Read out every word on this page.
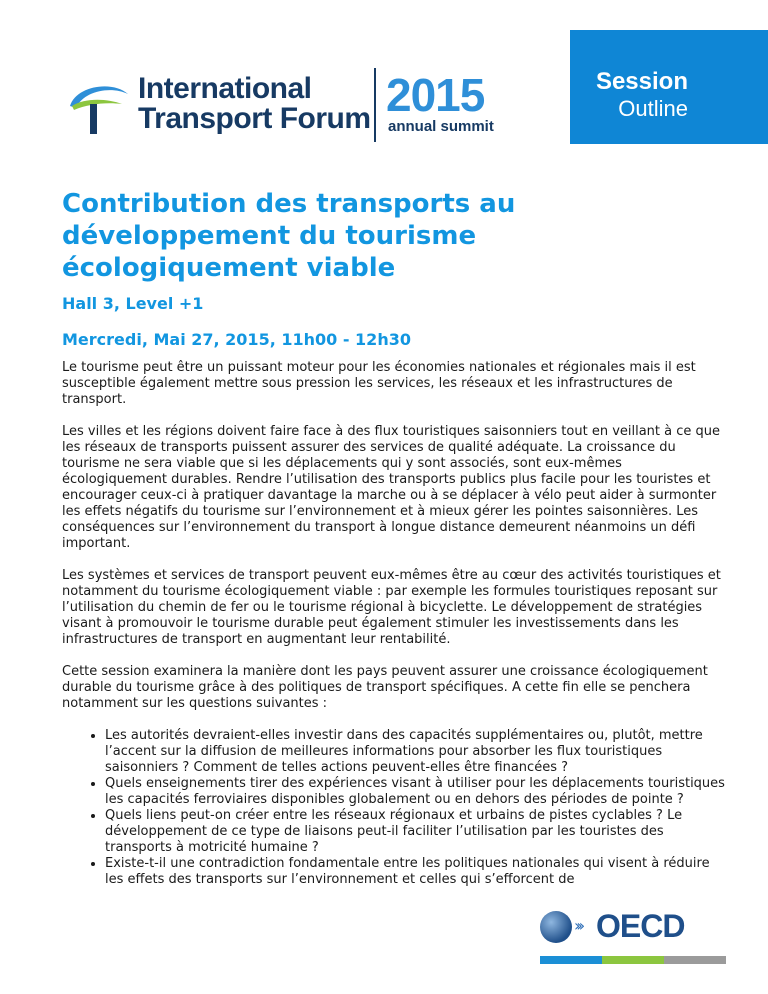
International
Transport Forum 2015
annual summit
Session
Outline
Contribution des transports au développement du tourisme écologiquement viable
Hall 3, Level +1
Mercredi, Mai 27, 2015, 11h00 - 12h30

Le tourisme peut être un puissant moteur pour les économies nationales et régionales mais il est susceptible également mettre sous pression les services, les réseaux et les infrastructures de transport.

Les villes et les régions doivent faire face à des flux touristiques saisonniers tout en veillant à ce que les réseaux de transports puissent assurer des services de qualité adéquate. La croissance du tourisme ne sera viable que si les déplacements qui y sont associés, sont eux-mêmes écologiquement durables. Rendre l’utilisation des transports publics plus facile pour les touristes et encourager ceux-ci à pratiquer davantage la marche ou à se déplacer à vélo peut aider à surmonter les effets négatifs du tourisme sur l’environnement et à mieux gérer les pointes saisonnières. Les conséquences sur l’environnement du transport à longue distance demeurent néanmoins un défi important.

Les systèmes et services de transport peuvent eux-mêmes être au cœur des activités touristiques et notamment du tourisme écologiquement viable : par exemple les formules touristiques reposant sur l’utilisation du chemin de fer ou le tourisme régional à bicyclette. Le développement de stratégies visant à promouvoir le tourisme durable peut également stimuler les investissements dans les infrastructures de transport en augmentant leur rentabilité.

Cette session examinera la manière dont les pays peuvent assurer une croissance écologiquement durable du tourisme grâce à des politiques de transport spécifiques. A cette fin elle se penchera notamment sur les questions suivantes :

• Les autorités devraient-elles investir dans des capacités supplémentaires ou, plutôt, mettre l’accent sur la diffusion de meilleures informations pour absorber les flux touristiques saisonniers ? Comment de telles actions peuvent-elles être financées ?
• Quels enseignements tirer des expériences visant à utiliser pour les déplacements touristiques les capacités ferroviaires disponibles globalement ou en dehors des périodes de pointe ?
• Quels liens peut-on créer entre les réseaux régionaux et urbains de pistes cyclables ? Le développement de ce type de liaisons peut-il faciliter l’utilisation par les touristes des transports à motricité humaine ?
• Existe-t-il une contradiction fondamentale entre les politiques nationales qui visent à réduire les effets des transports sur l’environnement et celles qui s’efforcent de
››› OECD
